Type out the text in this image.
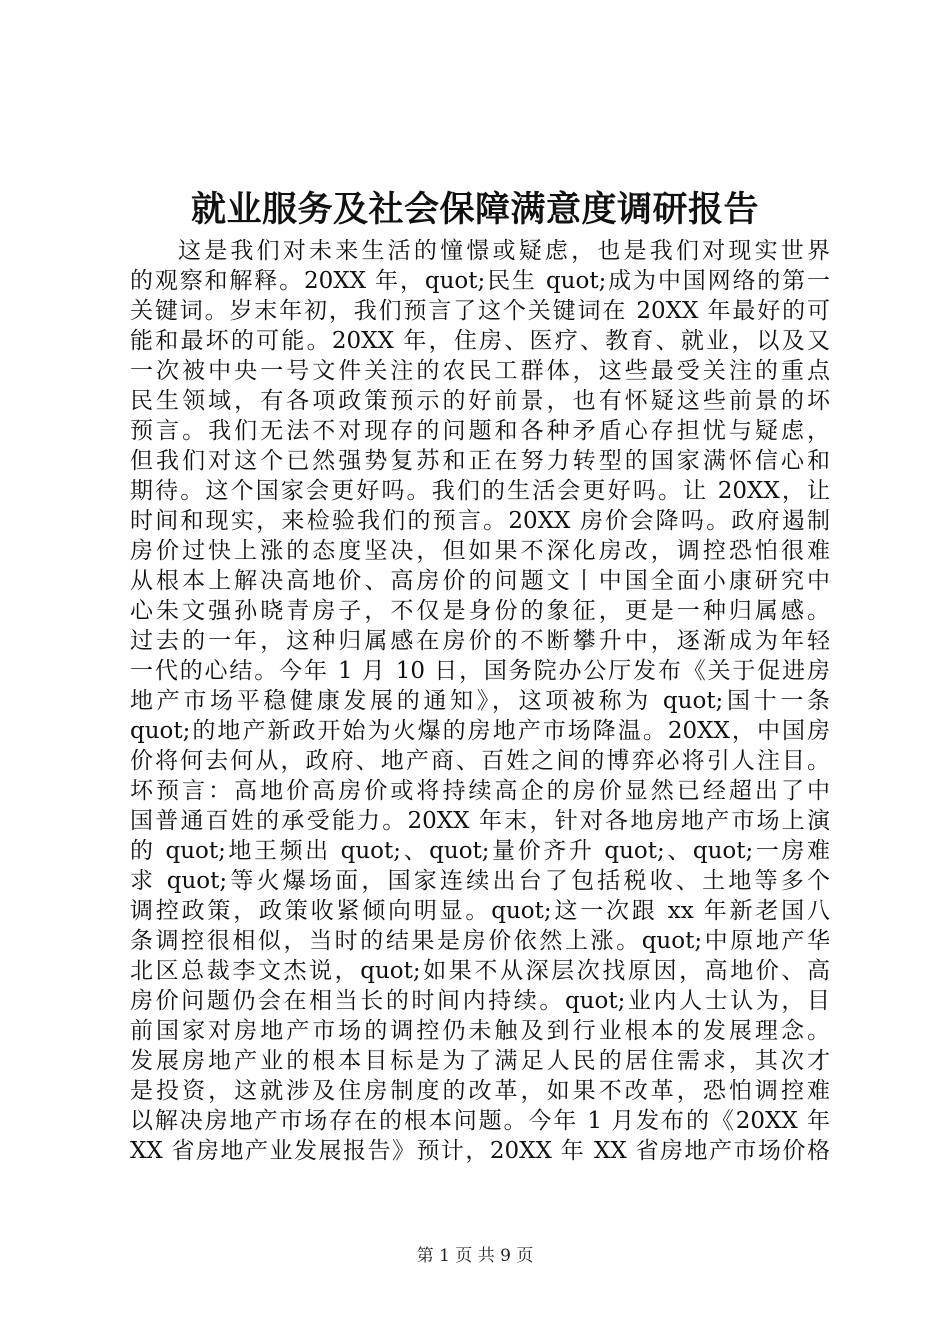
就业服务及社会保障满意度调研报告
这是我们对未来生活的憧憬或疑虑，也是我们对现实世界
的观察和解释。20XX 年，quot;民生 quot;成为中国网络的第一
关键词。岁末年初，我们预言了这个关键词在 20XX 年最好的可
能和最坏的可能。20XX 年，住房、医疗、教育、就业，以及又
一次被中央一号文件关注的农民工群体，这些最受关注的重点
民生领域，有各项政策预示的好前景，也有怀疑这些前景的坏
预言。我们无法不对现存的问题和各种矛盾心存担忧与疑虑，
但我们对这个已然强势复苏和正在努力转型的国家满怀信心和
期待。这个国家会更好吗。我们的生活会更好吗。让 20XX，让
时间和现实，来检验我们的预言。20XX 房价会降吗。政府遏制
房价过快上涨的态度坚决，但如果不深化房改，调控恐怕很难
从根本上解决高地价、高房价的问题文丨中国全面小康研究中
心朱文强孙晓青房子，不仅是身份的象征，更是一种归属感。
过去的一年，这种归属感在房价的不断攀升中，逐渐成为年轻
一代的心结。今年 1 月 10 日，国务院办公厅发布《关于促进房
地产市场平稳健康发展的通知》，这项被称为 quot;国十一条
quot;的地产新政开始为火爆的房地产市场降温。20XX，中国房
价将何去何从，政府、地产商、百姓之间的博弈必将引人注目。
坏预言：高地价高房价或将持续高企的房价显然已经超出了中
国普通百姓的承受能力。20XX 年末，针对各地房地产市场上演
的 quot;地王频出 quot;、quot;量价齐升 quot;、quot;一房难
求 quot;等火爆场面，国家连续出台了包括税收、土地等多个
调控政策，政策收紧倾向明显。quot;这一次跟 xx 年新老国八
条调控很相似，当时的结果是房价依然上涨。quot;中原地产华
北区总裁李文杰说，quot;如果不从深层次找原因，高地价、高
房价问题仍会在相当长的时间内持续。quot;业内人士认为，目
前国家对房地产市场的调控仍未触及到行业根本的发展理念。
发展房地产业的根本目标是为了满足人民的居住需求，其次才
是投资，这就涉及住房制度的改革，如果不改革，恐怕调控难
以解决房地产市场存在的根本问题。今年 1 月发布的《20XX 年
XX 省房地产业发展报告》预计，20XX 年 XX 省房地产市场价格
第 1 页 共 9 页
